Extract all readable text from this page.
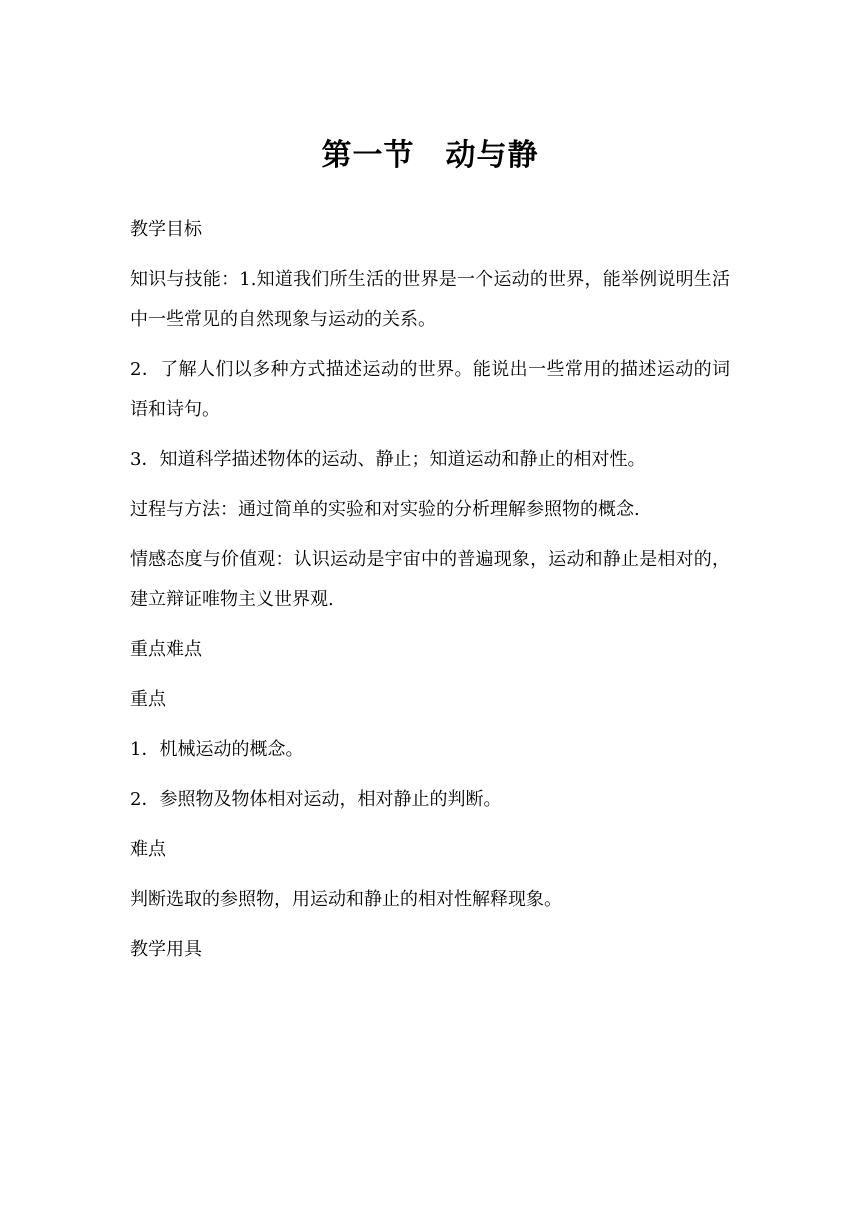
第一节　动与静

教学目标

知识与技能：1.知道我们所生活的世界是一个运动的世界，能举例说明生活中一些常见的自然现象与运动的关系。

2．了解人们以多种方式描述运动的世界。能说出一些常用的描述运动的词语和诗句。

3．知道科学描述物体的运动、静止；知道运动和静止的相对性。

过程与方法：通过简单的实验和对实验的分析理解参照物的概念.

情感态度与价值观：认识运动是宇宙中的普遍现象，运动和静止是相对的，建立辩证唯物主义世界观.

重点难点

重点

1．机械运动的概念。

2．参照物及物体相对运动，相对静止的判断。

难点

判断选取的参照物，用运动和静止的相对性解释现象。

教学用具
